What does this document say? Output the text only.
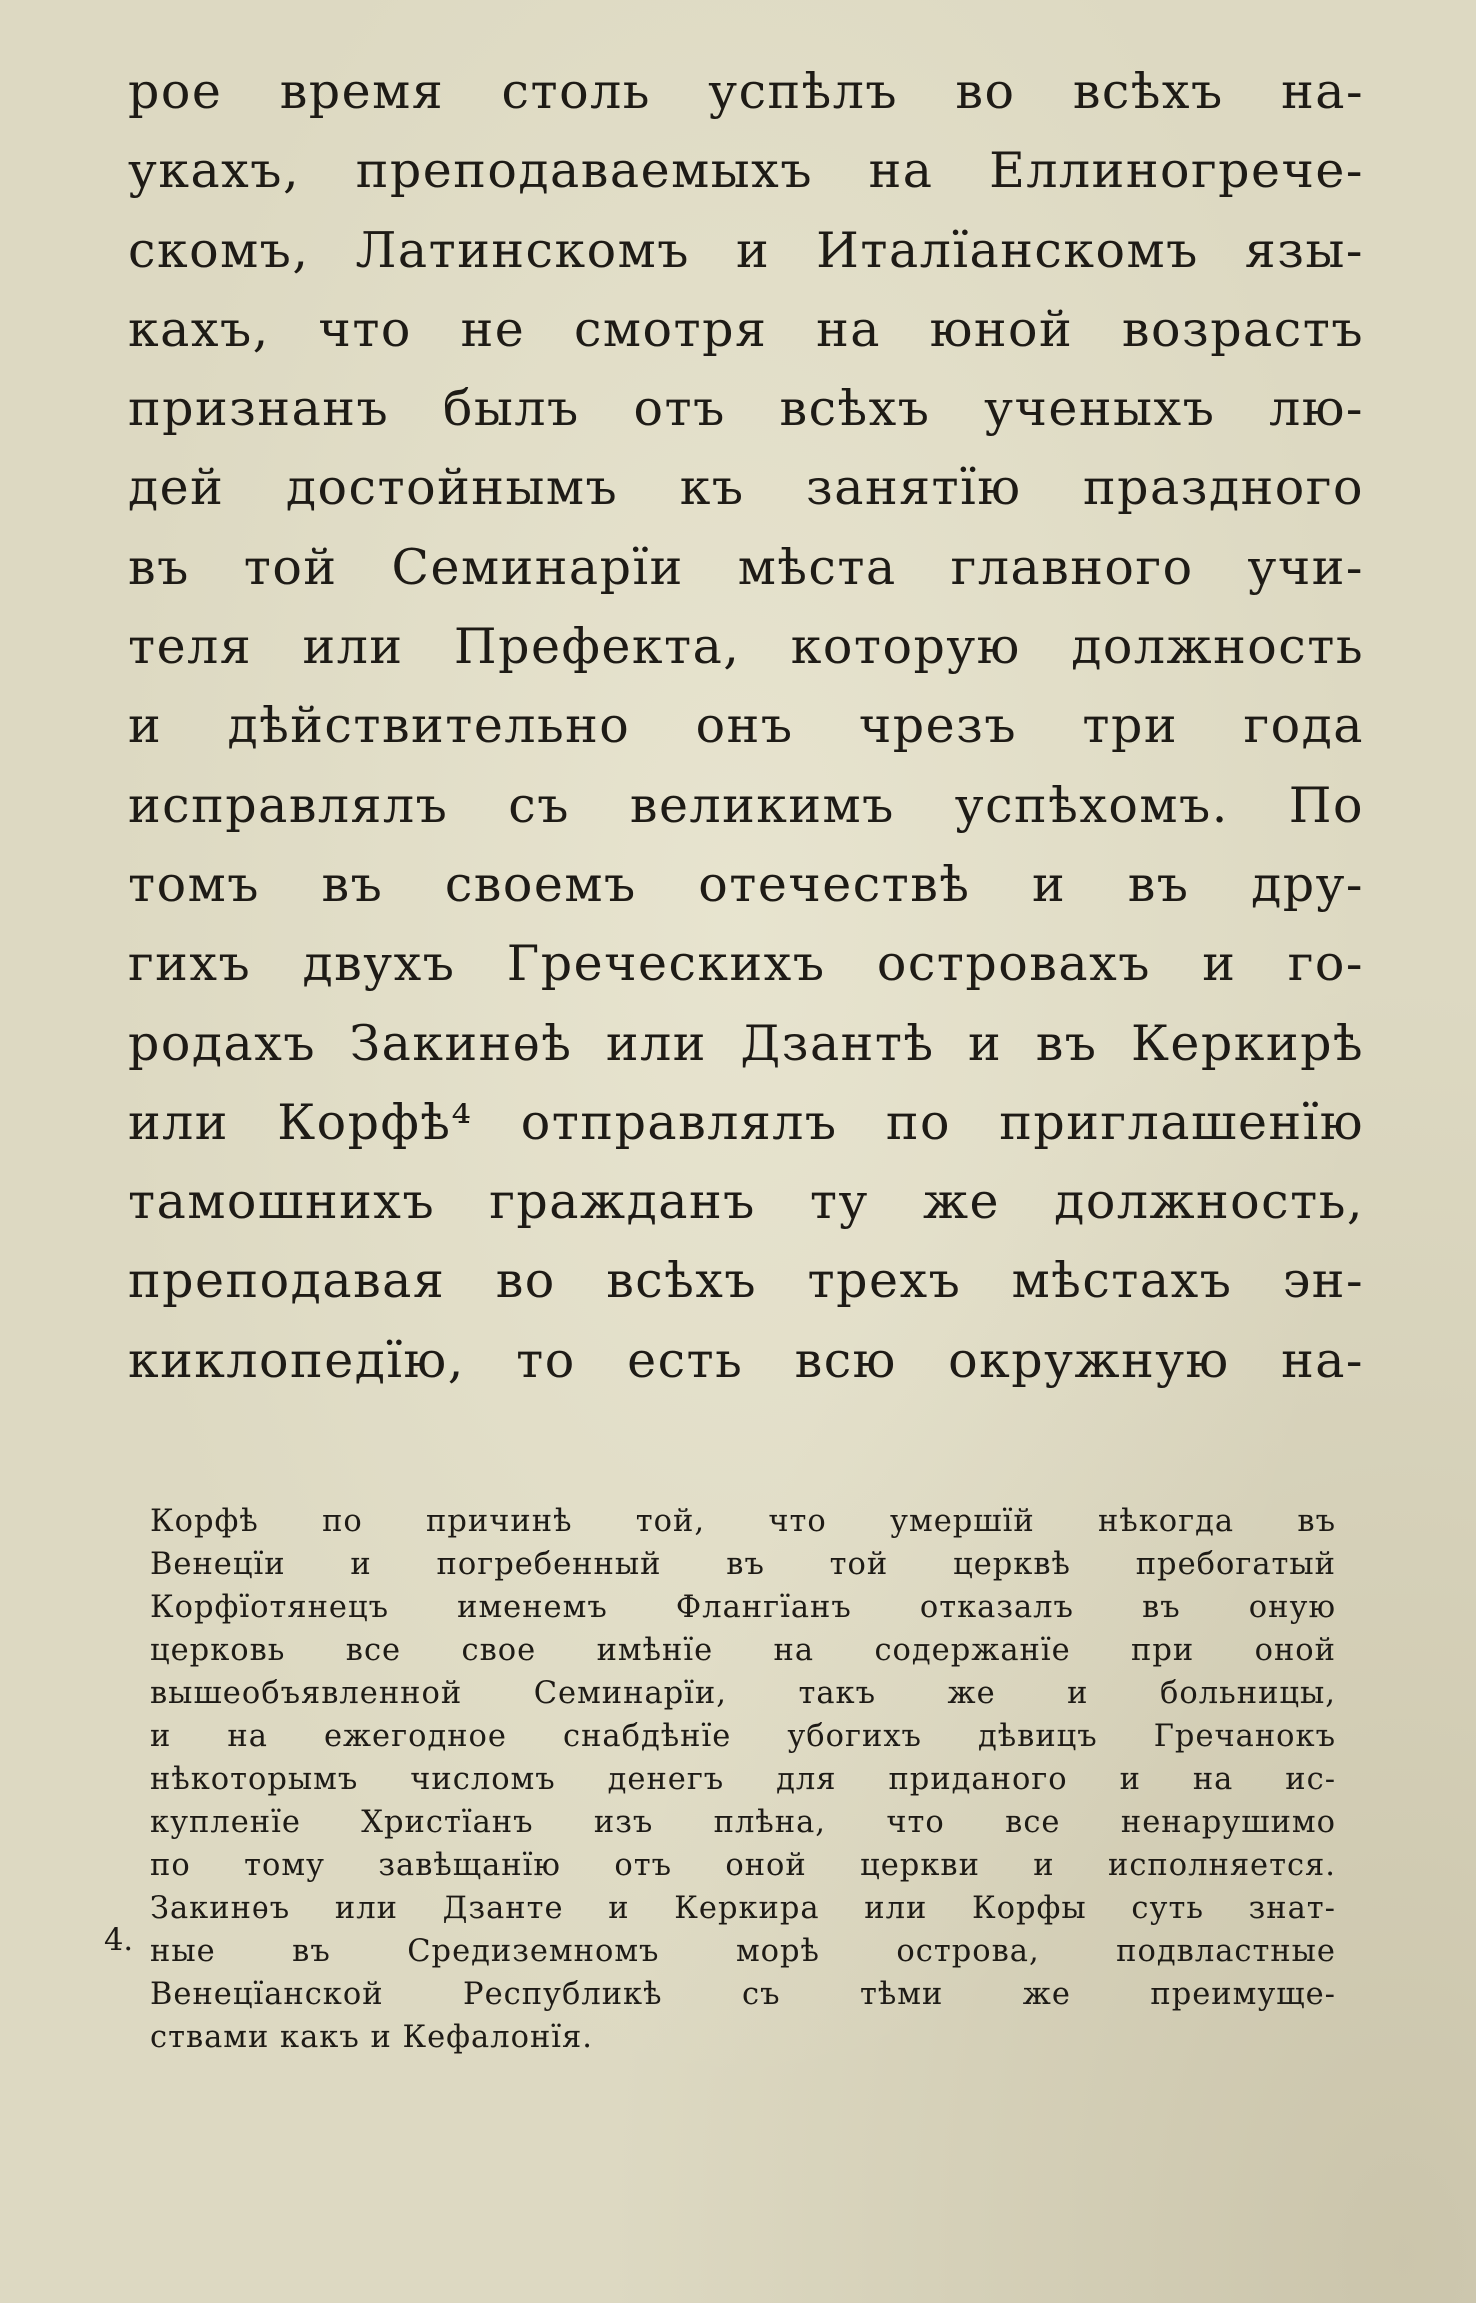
рое время столь успѣлъ во всѣхъ на-
укахъ, преподаваемыхъ на Еллиногрече-
скомъ, Латинскомъ и Италїанскомъ язы-
кахъ, что не смотря на юной возрастъ
признанъ былъ отъ всѣхъ ученыхъ лю-
дей достойнымъ къ занятїю праздного
въ той Семинарїи мѣста главного учи-
теля или Префекта, которую должность
и дѣйствительно онъ чрезъ три года
исправлялъ съ великимъ успѣхомъ. По
томъ въ своемъ отечествѣ и въ дру-
гихъ двухъ Греческихъ островахъ и го-
родахъ Закинѳѣ или Дзантѣ и въ Керкирѣ
или Корфѣ⁴ отправлялъ по приглашенїю
тамошнихъ гражданъ ту же должность,
преподавая во всѣхъ трехъ мѣстахъ эн-
киклопедїю, то есть всю окружную на-
Корфѣ по причинѣ той, что умершїй нѣкогда въ
Венецїи и погребенный въ той церквѣ пребогатый
Корфїотянецъ именемъ Флангїанъ отказалъ въ оную
церковь все свое имѣнїе на содержанїе при оной
вышеобъявленной Семинарїи, такъ же и больницы,
и на ежегодное снабдѣнїе убогихъ дѣвицъ Гречанокъ
нѣкоторымъ числомъ денегъ для приданого и на ис-
купленїе Христїанъ изъ плѣна, что все ненарушимо
по тому завѣщанїю отъ оной церкви и исполняется.
Закинѳъ или Дзанте и Керкира или Корфы суть знат-
ные въ Средиземномъ морѣ острова, подвластные
Венецїанской Республикѣ съ тѣми же преимуще-
ствами какъ и Кефалонїя.
4.
